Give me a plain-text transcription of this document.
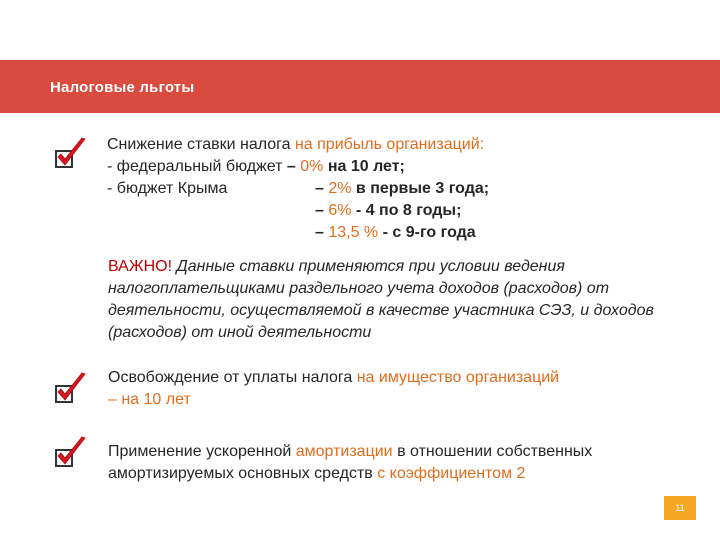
Налоговые льготы
Снижение ставки налога на прибыль организаций:
- федеральный бюджет – 0% на 10 лет;
- бюджет Крыма	– 2% в первые 3 года;
– 6% - 4 по 8 годы;
– 13,5 % - с 9-го года
ВАЖНО! Данные ставки применяются при условии ведения налогоплательщиками раздельного учета доходов (расходов) от деятельности, осуществляемой в качестве участника СЭЗ, и доходов (расходов) от иной деятельности
Освобождение от уплаты налога на имущество организаций
– на 10 лет
Применение ускоренной амортизации в отношении собственных амортизируемых основных средств с коэффициентом 2
11
